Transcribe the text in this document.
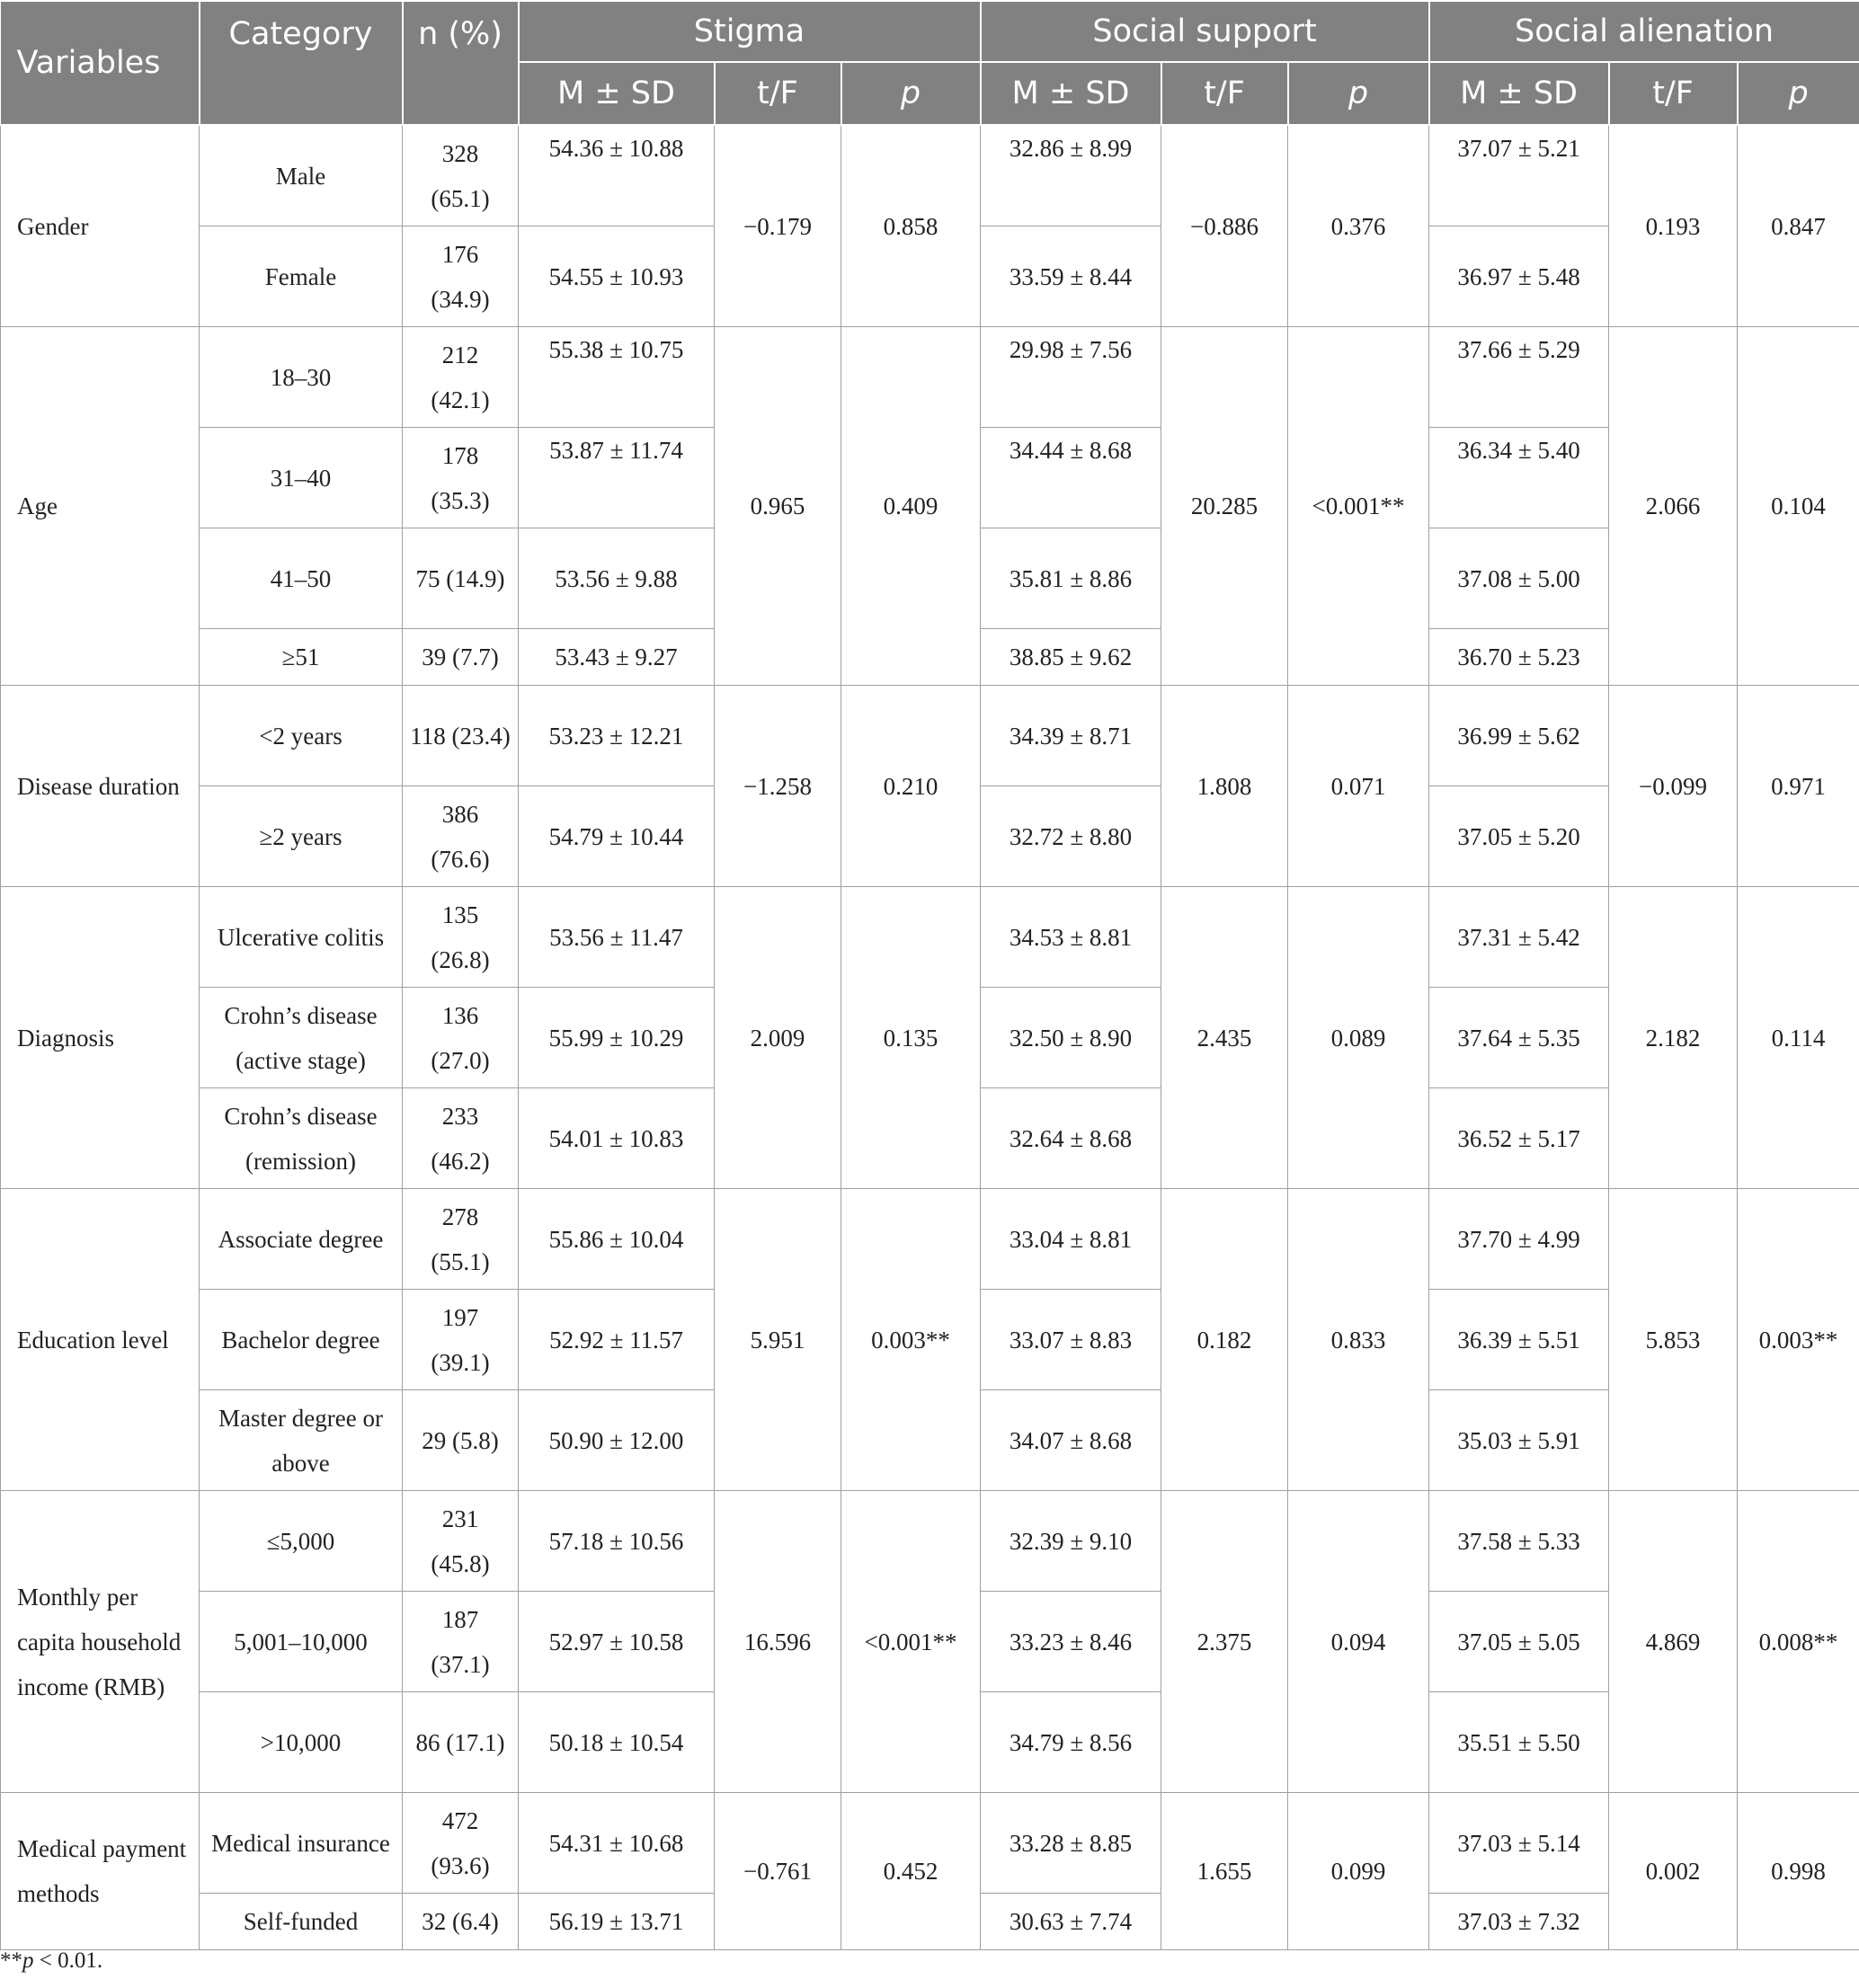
Variables	Category	n (%)	Stigma			Social support			Social alienation		
			M ± SD	t/F	p	M ± SD	t/F	p	M ± SD	t/F	p
Gender	Male	328 (65.1)	54.36 ± 10.88	−0.179	0.858	32.86 ± 8.99	−0.886	0.376	37.07 ± 5.21	0.193	0.847
	Female	176 (34.9)	54.55 ± 10.93			33.59 ± 8.44			36.97 ± 5.48		
Age	18–30	212 (42.1)	55.38 ± 10.75	0.965	0.409	29.98 ± 7.56	20.285	<0.001**	37.66 ± 5.29	2.066	0.104
	31–40	178 (35.3)	53.87 ± 11.74			34.44 ± 8.68			36.34 ± 5.40		
	41–50	75 (14.9)	53.56 ± 9.88			35.81 ± 8.86			37.08 ± 5.00		
	≥51	39 (7.7)	53.43 ± 9.27			38.85 ± 9.62			36.70 ± 5.23		
Disease duration	<2 years	118 (23.4)	53.23 ± 12.21	−1.258	0.210	34.39 ± 8.71	1.808	0.071	36.99 ± 5.62	−0.099	0.971
	≥2 years	386 (76.6)	54.79 ± 10.44			32.72 ± 8.80			37.05 ± 5.20		
Diagnosis	Ulcerative colitis	135 (26.8)	53.56 ± 11.47	2.009	0.135	34.53 ± 8.81	2.435	0.089	37.31 ± 5.42	2.182	0.114
	Crohn’s disease (active stage)	136 (27.0)	55.99 ± 10.29			32.50 ± 8.90			37.64 ± 5.35		
	Crohn’s disease (remission)	233 (46.2)	54.01 ± 10.83			32.64 ± 8.68			36.52 ± 5.17		
Education level	Associate degree	278 (55.1)	55.86 ± 10.04	5.951	0.003**	33.04 ± 8.81	0.182	0.833	37.70 ± 4.99	5.853	0.003**
	Bachelor degree	197 (39.1)	52.92 ± 11.57			33.07 ± 8.83			36.39 ± 5.51		
	Master degree or above	29 (5.8)	50.90 ± 12.00			34.07 ± 8.68			35.03 ± 5.91		
Monthly per capita household income (RMB)	≤5,000	231 (45.8)	57.18 ± 10.56	16.596	<0.001**	32.39 ± 9.10	2.375	0.094	37.58 ± 5.33	4.869	0.008**
	5,001–10,000	187 (37.1)	52.97 ± 10.58			33.23 ± 8.46			37.05 ± 5.05		
	>10,000	86 (17.1)	50.18 ± 10.54			34.79 ± 8.56			35.51 ± 5.50		
Medical payment methods	Medical insurance	472 (93.6)	54.31 ± 10.68	−0.761	0.452	33.28 ± 8.85	1.655	0.099	37.03 ± 5.14	0.002	0.998
	Self-funded	32 (6.4)	56.19 ± 13.71			30.63 ± 7.74			37.03 ± 7.32		
**p < 0.01.
